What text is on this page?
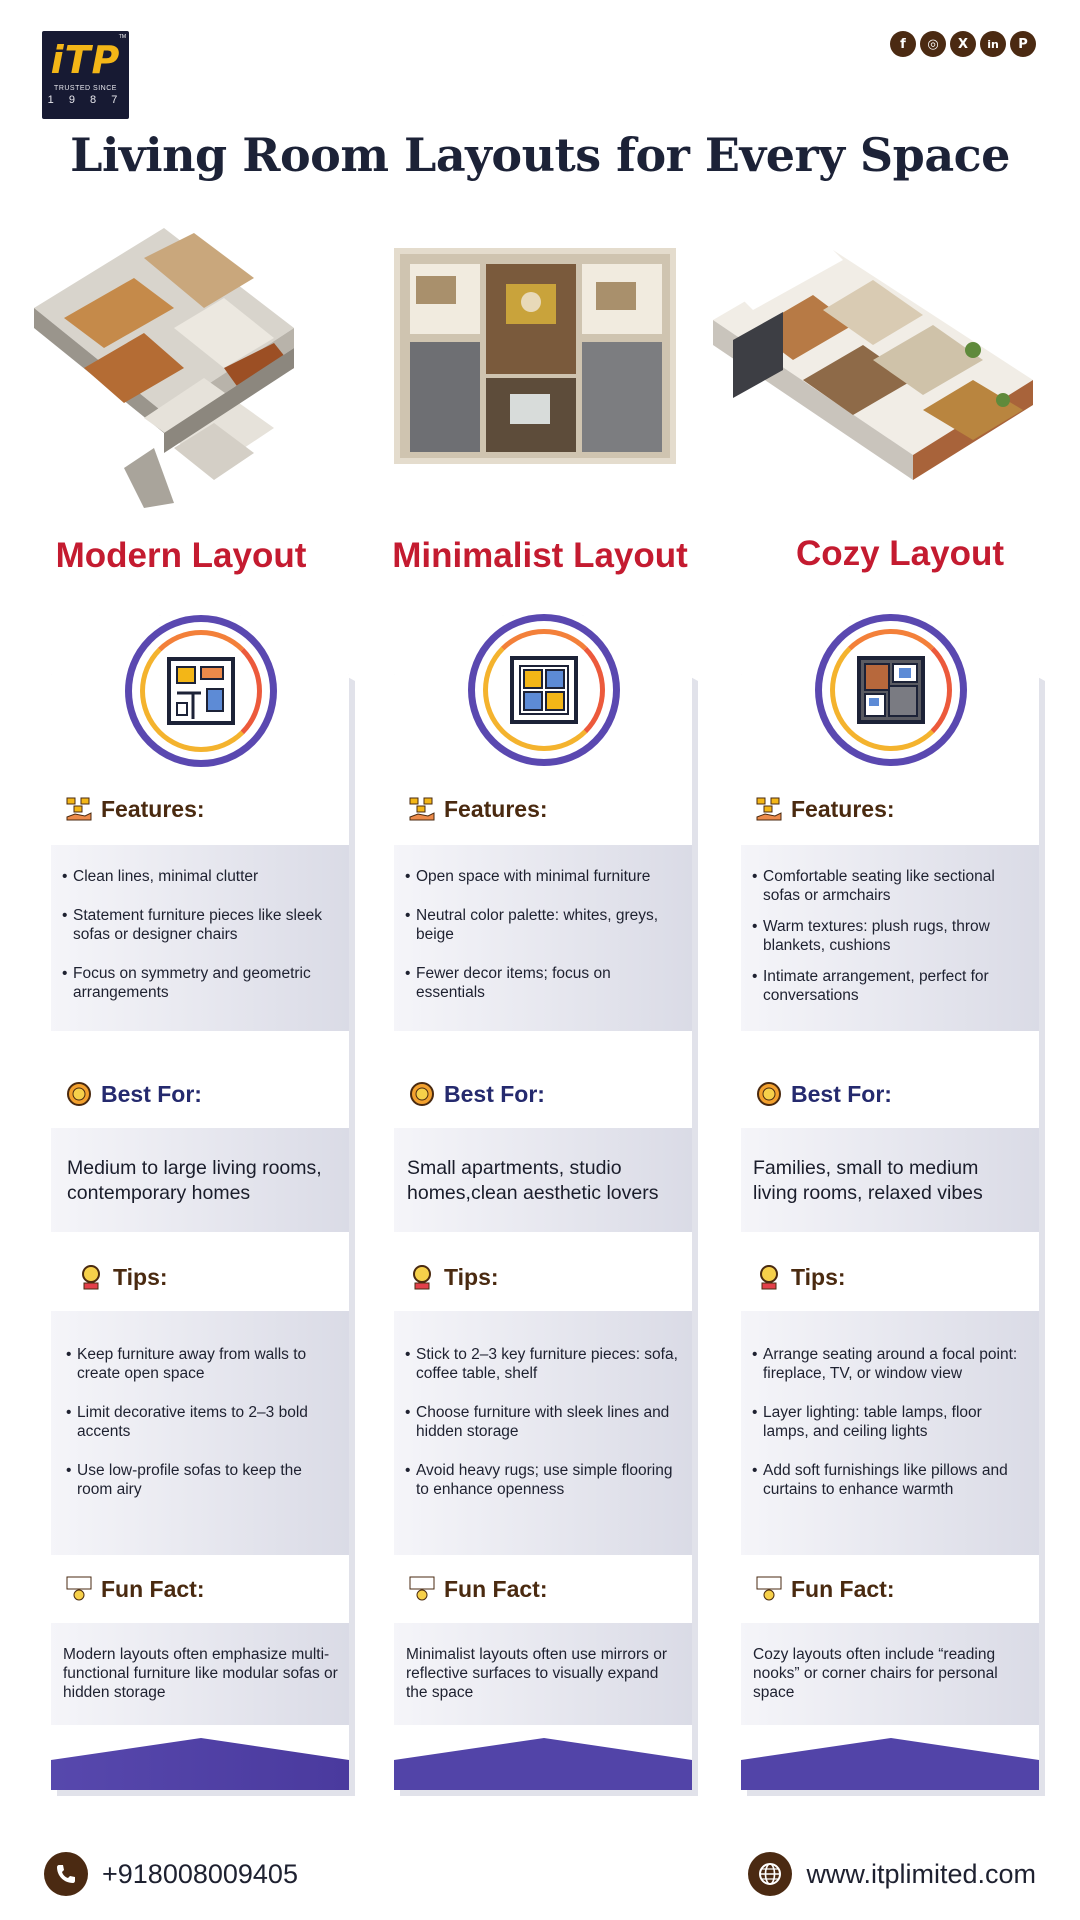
TM
iTP
TRUSTED SINCE
1 9 8 7
f	◎	X	in	P
Living Room Layouts for Every Space
Modern Layout	Minimalist Layout	Cozy Layout
Features:
• Clean lines, minimal clutter
• Statement furniture pieces like sleek sofas or designer chairs
• Focus on symmetry and geometric arrangements
Best For:
Medium to large living rooms, contemporary homes
Tips:
• Keep furniture away from walls to create open space
• Limit decorative items to 2–3 bold accents
• Use low-profile sofas to keep the room airy
Fun Fact:
Modern layouts often emphasize multi-functional furniture like modular sofas or hidden storage
Features:
• Open space with minimal furniture
• Neutral color palette: whites, greys, beige
• Fewer decor items; focus on essentials
Best For:
Small apartments, studio homes,clean aesthetic lovers
Tips:
• Stick to 2–3 key furniture pieces: sofa, coffee table, shelf
• Choose furniture with sleek lines and hidden storage
• Avoid heavy rugs; use simple flooring to enhance openness
Fun Fact:
Minimalist layouts often use mirrors or reflective surfaces to visually expand the space
Features:
• Comfortable seating like sectional sofas or armchairs
• Warm textures: plush rugs, throw blankets, cushions
• Intimate arrangement, perfect for conversations
Best For:
Families, small to medium living rooms, relaxed vibes
Tips:
• Arrange seating around a focal point: fireplace, TV, or window view
• Layer lighting: table lamps, floor lamps, and ceiling lights
• Add soft furnishings like pillows and curtains to enhance warmth
Fun Fact:
Cozy layouts often include “reading nooks” or corner chairs for personal space
+918008009405	www.itplimited.com
